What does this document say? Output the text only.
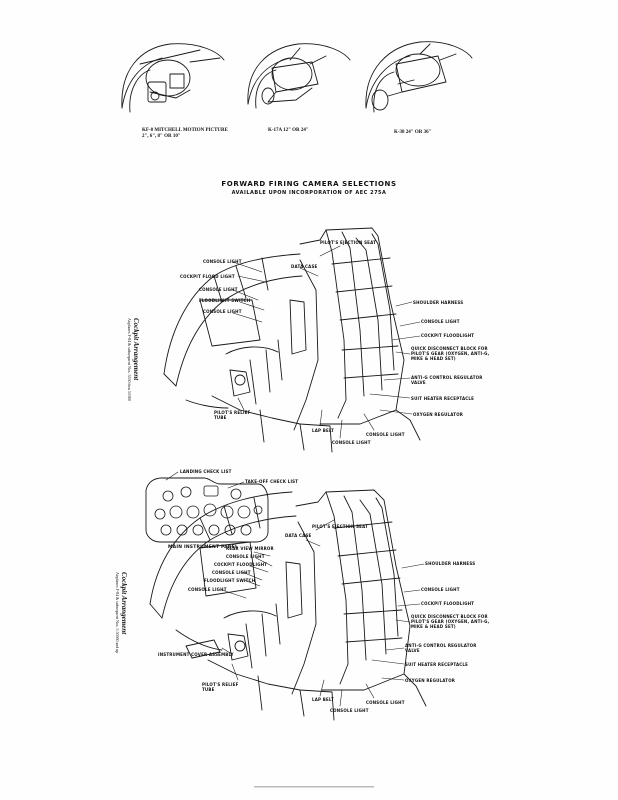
KF-8 MITCHELL MOTION PICTURE
2", 6", 8" OR 10"
K-17A 12" OR 24"	K-38 24" OR 36"
FORWARD FIRING CAMERA SELECTIONS
AVAILABLE UPON INCORPORATION OF AEC 275A
Cockpit Arrangement
Airplanes F-84 & subsequent Nos. 5550 thru 55360
CONSOLE LIGHT
PILOT'S EJECTION SEAT
DATA CASE
COCKPIT FLOOD LIGHT
CONSOLE LIGHT
FLOODLIGHT SWITCH
CONSOLE LIGHT
SHOULDER HARNESS
CONSOLE LIGHT
COCKPIT FLOODLIGHT
QUICK DISCONNECT BLOCK FOR
PILOT'S GEAR (OXYGEN, ANTI-G,
MIKE & HEAD SET)
ANTI-G CONTROL REGULATOR
VALVE
SUIT HEATER RECEPTACLE
OXYGEN REGULATOR
PILOT'S RELIEF
TUBE
LAP BELT
CONSOLE LIGHT
CONSOLE LIGHT
Cockpit Arrangement
Airplanes F-84 & subsequent Nos. 5 50560 and up
MAIN INSTRUMENT PANEL
LANDING CHECK LIST
TAKE-OFF CHECK LIST
PILOT'S EJECTION SEAT
DATA CASE
REAR VIEW MIRROR
CONSOLE LIGHT
COCKPIT FLOODLIGHT
CONSOLE LIGHT
FLOODLIGHT SWITCH
CONSOLE LIGHT
SHOULDER HARNESS
CONSOLE LIGHT
COCKPIT FLOODLIGHT
QUICK DISCONNECT BLOCK FOR
PILOT'S GEAR (OXYGEN, ANTI-G,
MIKE & HEAD SET)
ANTI-G CONTROL REGULATOR
VALVE
SUIT HEATER RECEPTACLE
OXYGEN REGULATOR
INSTRUMENT COVER ASSEMBLY
PILOT'S RELIEF
TUBE
LAP BELT
CONSOLE LIGHT
CONSOLE LIGHT
